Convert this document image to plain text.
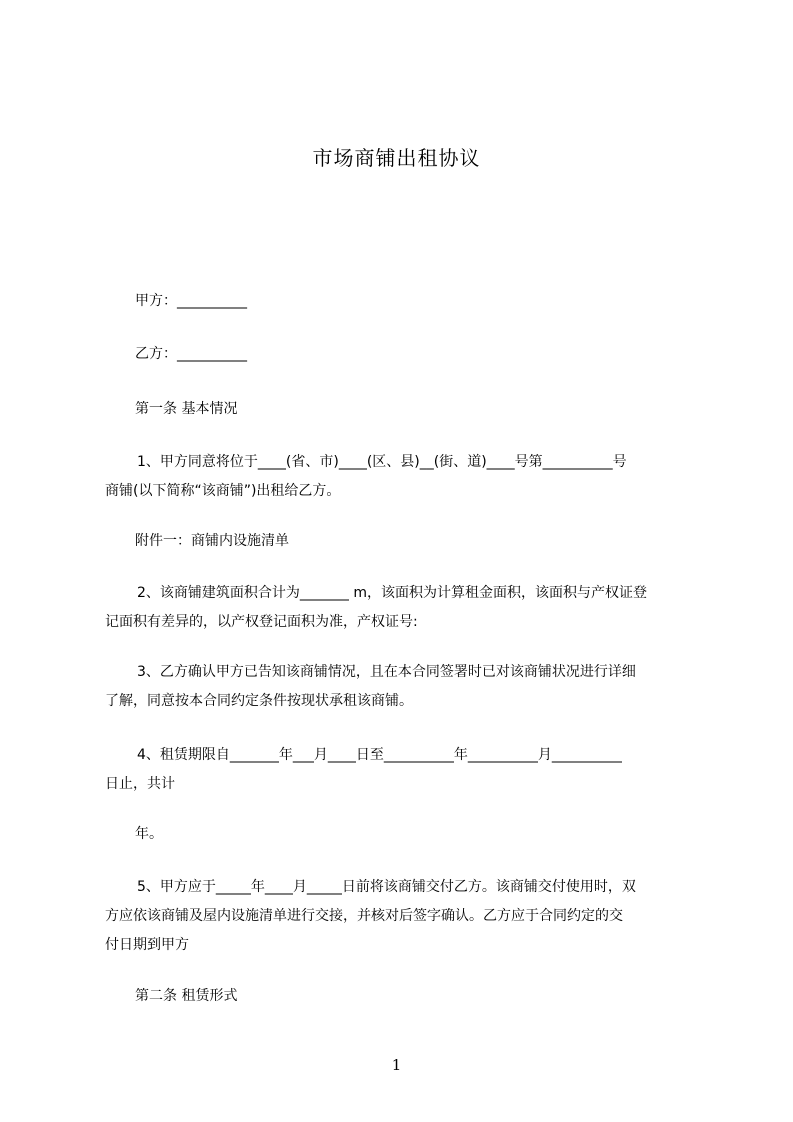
市场商铺出租协议
甲方：__________
乙方：__________
第一条 基本情况
1、甲方同意将位于____(省、市)____(区、县)__(街、道)____号第__________号
商铺(以下简称“该商铺”)出租给乙方。
附件一：商铺内设施清单
2、该商铺建筑面积合计为_______ m，该面积为计算租金面积，该面积与产权证登
记面积有差异的，以产权登记面积为准，产权证号:
3、乙方确认甲方已告知该商铺情况，且在本合同签署时已对该商铺状况进行详细
了解，同意按本合同约定条件按现状承租该商铺。
4、租赁期限自_______年___月____日至__________年__________月__________
日止，共计
年。
5、甲方应于_____年____月_____日前将该商铺交付乙方。该商铺交付使用时，双
方应依该商铺及屋内设施清单进行交接，并核对后签字确认。乙方应于合同约定的交
付日期到甲方
第二条 租赁形式
1
